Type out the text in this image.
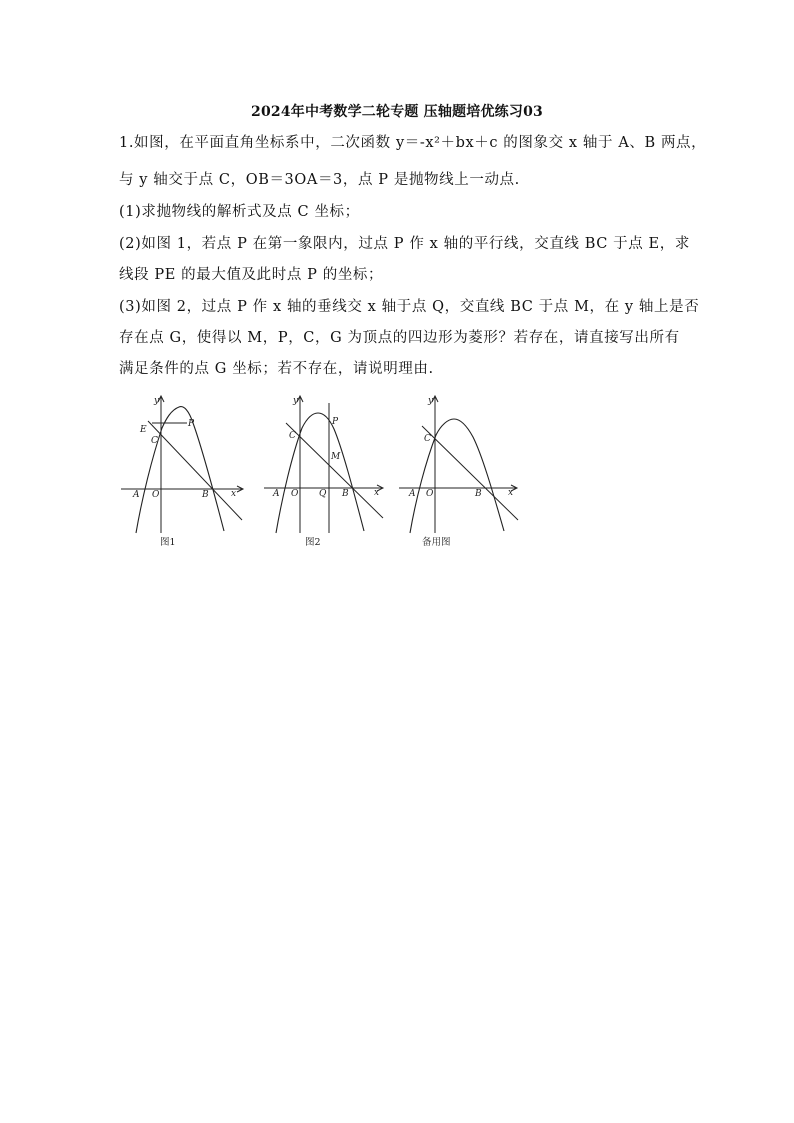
2024年中考数学二轮专题 压轴题培优练习03
1.如图，在平面直角坐标系中，二次函数 y＝-x²＋bx＋c 的图象交 x 轴于 A、B 两点，
与 y 轴交于点 C，OB＝3OA＝3，点 P 是抛物线上一动点.
(1)求抛物线的解析式及点 C 坐标；
(2)如图 1，若点 P 在第一象限内，过点 P 作 x 轴的平行线，交直线 BC 于点 E，求
线段 PE 的最大值及此时点 P 的坐标；
(3)如图 2，过点 P 作 x 轴的垂线交 x 轴于点 Q，交直线 BC 于点 M，在 y 轴上是否
存在点 G，使得以 M，P，C，G 为顶点的四边形为菱形？若存在，请直接写出所有
满足条件的点 G 坐标；若不存在，请说明理由.
y
x
E
C
P
A O	B
图1
y
x
P
C
M
A O Q B
图2
y
x
C
A O	B
备用图
